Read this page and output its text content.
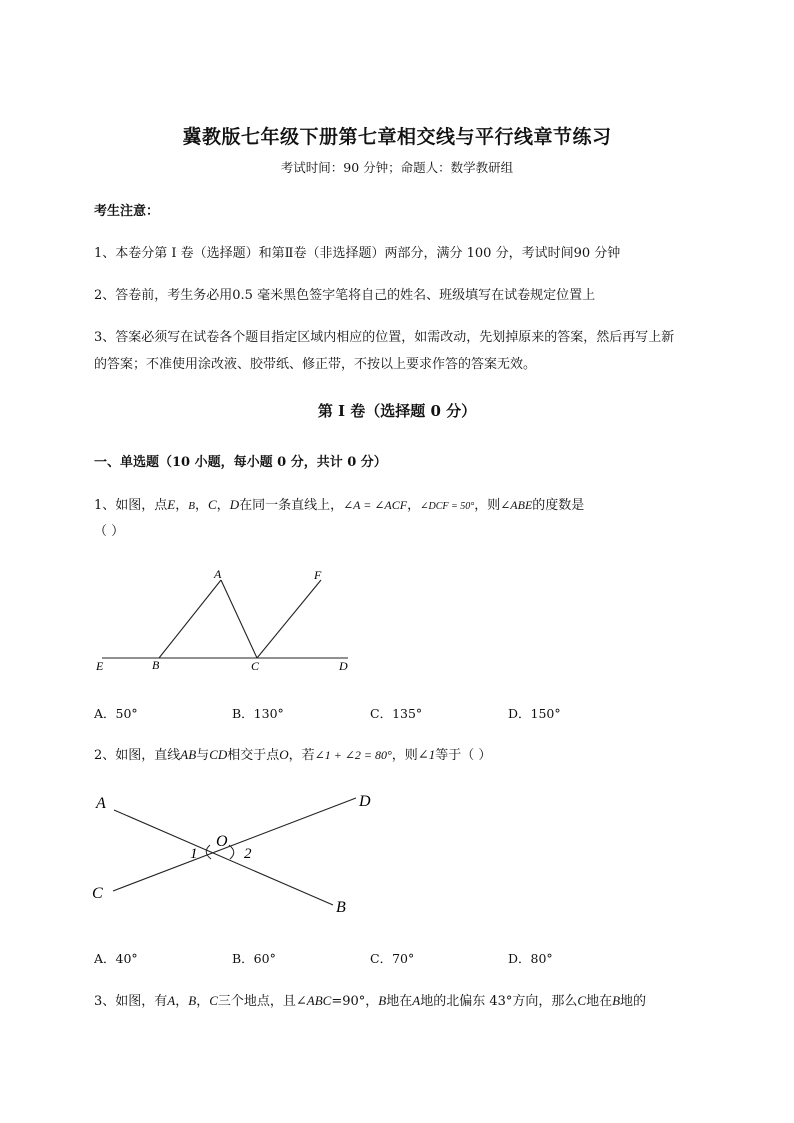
冀教版七年级下册第七章相交线与平行线章节练习
考试时间：90 分钟；命题人：数学教研组
考生注意：
1、本卷分第 I 卷（选择题）和第Ⅱ卷（非选择题）两部分，满分 100 分，考试时间90 分钟
2、答卷前，考生务必用0.5 毫米黑色签字笔将自己的姓名、班级填写在试卷规定位置上
3、答案必须写在试卷各个题目指定区域内相应的位置，如需改动，先划掉原来的答案，然后再写上新
的答案；不准使用涂改液、胶带纸、修正带，不按以上要求作答的答案无效。
第 I 卷（选择题 0 分）
一、单选题（10 小题，每小题 0 分，共计 0 分）
1、如图，点E，B，C，D在同一条直线上，∠A = ∠ACF，∠DCF = 50°，则∠ABE的度数是
（ ）
A	F
E	B	C	D
A．50°	B．130°	C．135°	D．150°
2、如图，直线AB与CD相交于点O，若∠1 + ∠2 = 80°，则∠1等于（ ）
A	D
O
1	2
C
B
A．40°	B．60°	C．70°	D．80°
3、如图，有A，B，C三个地点，且∠ABC=90°，B地在A地的北偏东 43°方向，那么C地在B地的
